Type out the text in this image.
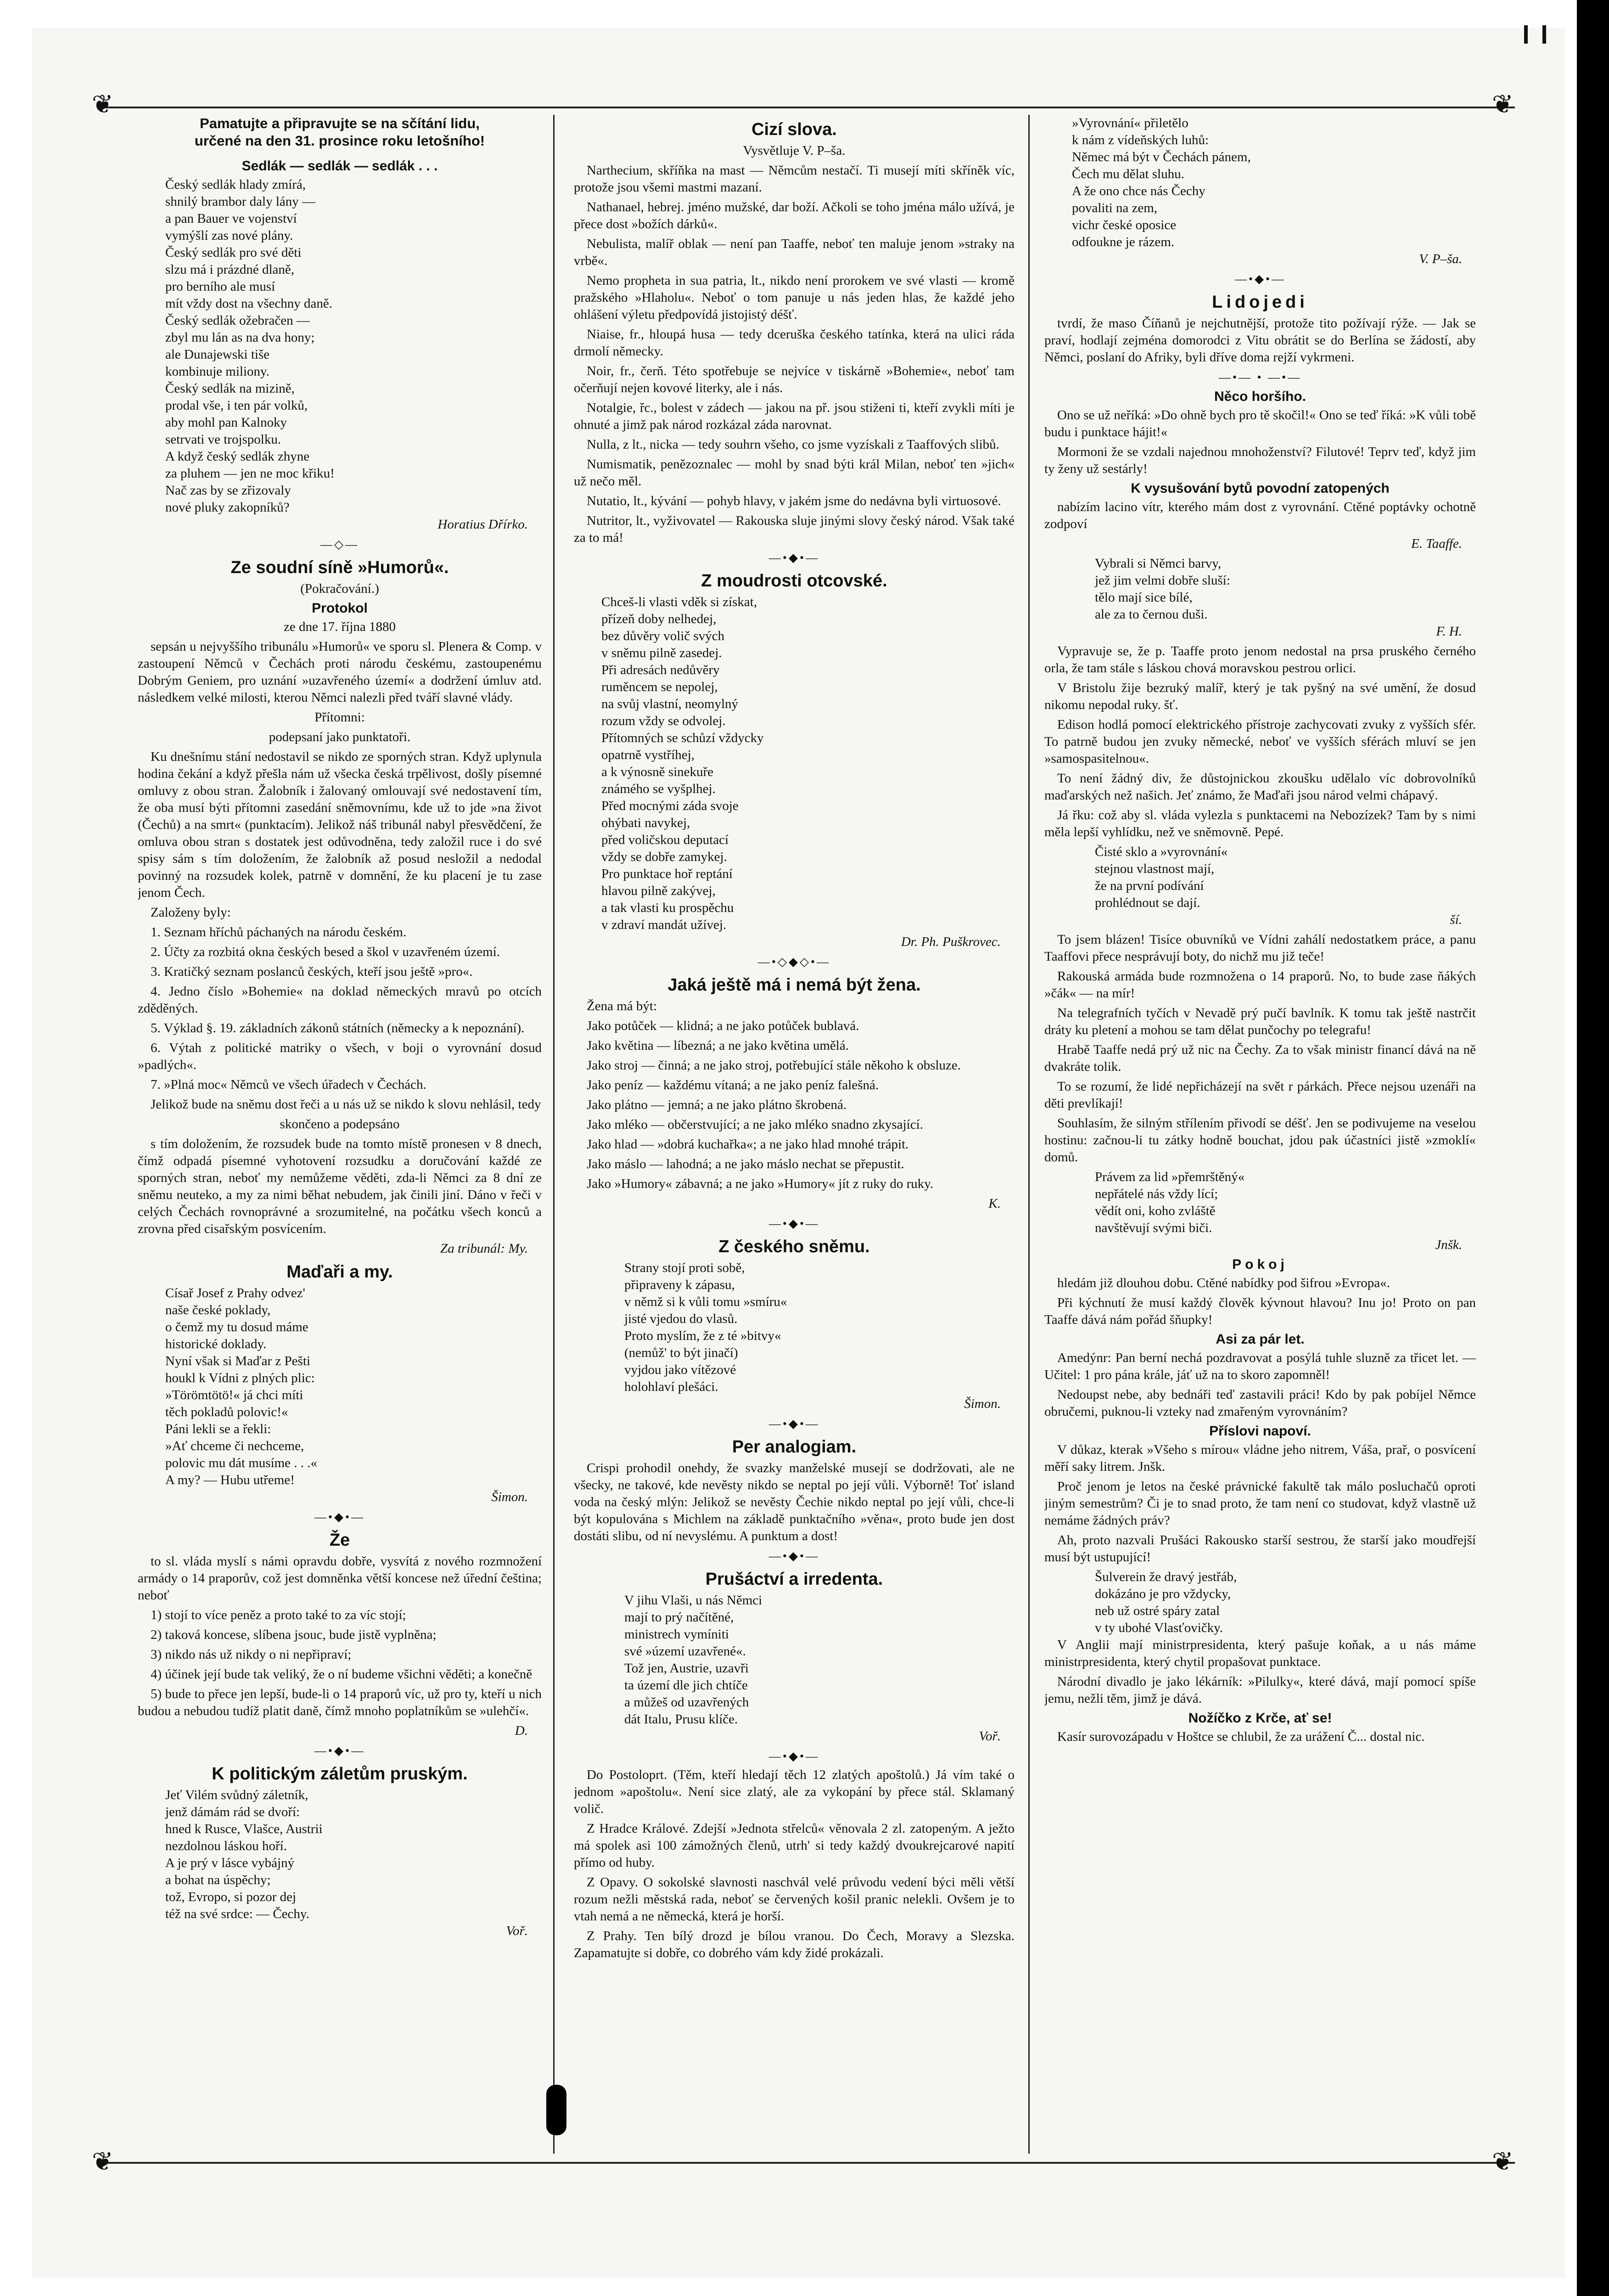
❦	❦
❦	❦

Pamatujte a připravujte se na sčítání lidu,
určené na den 31. prosince roku letošního!

Sedlák — sedlák — sedlák . . .

Český sedlák hlady zmírá,

shnilý brambor daly lány —

a pan Bauer ve vojenství

vymýšlí zas nové plány.

Český sedlák pro své děti

slzu má i prázdné dlaně,

pro berního ale musí

mít vždy dost na všechny daně.

Český sedlák ožebračen —

zbyl mu lán as na dva hony;

ale Dunajewski tiše

kombinuje miliony.

Český sedlák na mizině,

prodal vše, i ten pár volků,

aby mohl pan Kalnoky

setrvati ve trojspolku.

A když český sedlák zhyne

za pluhem — jen ne moc křiku!

Nač zas by se zřizovaly

nové pluky zakopníků?

Horatius Dřírko.

—◇—

Ze soudní síně »Humorů«.

(Pokračování.)

Protokol

ze dne 17. října 1880

sepsán u nejvyššího tribunálu »Humorů« ve sporu sl. Plenera & Comp. v zastoupení Němců v Čechách proti národu českému, zastoupenému Dobrým Geniem, pro uznání »uzavřeného území« a dodržení úmluv atd. následkem velké milosti, kterou Němci nalezli před tváří slavné vlády.

Přítomni:

podepsaní jako punktatoři.

Ku dnešnímu stání nedostavil se nikdo ze sporných stran. Když uplynula hodina čekání a když přešla nám už všecka česká trpělivost, došly písemné omluvy z obou stran. Žalobník i žalovaný omlouvají své nedostavení tím, že oba musí býti přítomni zasedání sněmovnímu, kde už to jde »na život (Čechů) a na smrt« (punktacím). Jelikož náš tribunál nabyl přesvědčení, že omluva obou stran s dostatek jest odůvodněna, tedy založil ruce i do své spisy sám s tím doložením, že žalobník až posud nesložil a nedodal povinný na rozsudek kolek, patrně v domnění, že ku placení je tu zase jenom Čech.

Založeny byly:

1. Seznam hříchů páchaných na národu českém.

2. Účty za rozbitá okna českých besed a škol v uzavřeném území.

3. Kratičký seznam poslanců českých, kteří jsou ještě »pro«.

4. Jedno číslo »Bohemie« na doklad německých mravů po otcích zděděných.

5. Výklad §. 19. základních zákonů státních (německy a k nepoznání).

6. Výtah z politické matriky o všech, v boji o vyrovnání dosud »padlých«.

7. »Plná moc« Němců ve všech úřadech v Čechách.

Jelikož bude na sněmu dost řeči a u nás už se nikdo k slovu nehlásil, tedy

skončeno a podepsáno

s tím doložením, že rozsudek bude na tomto místě pronesen v 8 dnech, čímž odpadá písemné vyhotovení rozsudku a doručování každé ze sporných stran, neboť my nemůžeme věděti, zda-li Němci za 8 dní ze sněmu neuteko, a my za nimi běhat nebudem, jak činili jiní. Dáno v řeči v celých Čechách rovnoprávné a srozumitelné, na počátku všech konců a zrovna před cisařským posvícením.

Za tribunál: My.

Maďaři a my.

Císař Josef z Prahy odvez'

naše české poklady,

o čemž my tu dosud máme

historické doklady.

Nyní však si Maďar z Pešti

houkl k Vídni z plných plic:

»Törömtötö!« já chci míti

těch pokladů polovic!«

Páni lekli se a řekli:

»Ať chceme či nechceme,

polovic mu dát musíme . . .«

A my? — Hubu utřeme!

Šimon.

—•◆•—

Že

to sl. vláda myslí s námi opravdu dobře, vysvítá z nového rozmnožení armády o 14 praporův, což jest domněnka větší koncese než úřední čeština; neboť

1) stojí to více peněz a proto také to za víc stojí;

2) taková koncese, slíbena jsouc, bude jistě vyplněna;

3) nikdo nás už nikdy o ni nepřipraví;

4) účinek její bude tak veliký, že o ní budeme všichni věděti; a konečně

5) bude to přece jen lepší, bude-li o 14 praporů víc, už pro ty, kteří u nich budou a nebudou tudíž platit daně, čímž mnoho poplatníkům se »ulehčí«.

D.

—•◆•—

K politickým záletům pruským.

Jeť Vilém svůdný záletník,

jenž dámám rád se dvoří:

hned k Rusce, Vlašce, Austrii

nezdolnou láskou hoří.

A je prý v lásce vybájný

a bohat na úspěchy;

tož, Evropo, si pozor dej

též na své srdce: — Čechy.

Voř.

Cizí slova.

Vysvětluje V. P–ša.

Narthecium, skříňka na mast — Němcům nestačí. Ti musejí míti skříněk víc, protože jsou všemi mastmi mazaní.

Nathanael, hebrej. jméno mužské, dar boží. Ačkoli se toho jména málo užívá, je přece dost »božích dárků«.

Nebulista, malíř oblak — není pan Taaffe, neboť ten maluje jenom »straky na vrbě«.

Nemo propheta in sua patria, lt., nikdo není prorokem ve své vlasti — kromě pražského »Hlaholu«. Neboť o tom panuje u nás jeden hlas, že každé jeho ohlášení výletu předpovídá jistojistý déšť.

Niaise, fr., hloupá husa — tedy dceruška českého tatínka, která na ulici ráda drmolí německy.

Noir, fr., čerň. Této spotřebuje se nejvíce v tiskárně »Bohemie«, neboť tam očerňují nejen kovové literky, ale i nás.

Notalgie, řc., bolest v zádech — jakou na př. jsou stiženi ti, kteří zvykli míti je ohnuté a jimž pak národ rozkázal záda narovnat.

Nulla, z lt., nicka — tedy souhrn všeho, co jsme vyzískali z Taaffových slibů.

Numismatik, penězoznalec — mohl by snad býti král Milan, neboť ten »jich« už nečo měl.

Nutatio, lt., kývání — pohyb hlavy, v jakém jsme do nedávna byli virtuosové.

Nutritor, lt., vyživovatel — Rakouska sluje jinými slovy český národ. Však také za to má!

—•◆•—

Z moudrosti otcovské.

Chceš-li vlasti vděk si získat,

přízeň doby nelhedej,

bez důvěry volič svých

v sněmu pilně zasedej.

Při adresách nedůvěry

ruměncem se nepolej,

na svůj vlastní, neomylný

rozum vždy se odvolej.

Přítomných se schůzí vždycky

opatrně vystříhej,

a k výnosně sinekuře

známého se vyšplhej.

Před mocnými záda svoje

ohýbati navykej,

před voličskou deputací

vždy se dobře zamykej.

Pro punktace hoř reptání

hlavou pilně zakývej,

a tak vlasti ku prospěchu

v zdraví mandát užívej.

Dr. Ph. Puškrovec.

—•◇◆◇•—

Jaká ještě má i nemá být žena.

Žena má být:

Jako potůček — klidná; a ne jako potůček bublavá.

Jako květina — líbezná; a ne jako květina umělá.

Jako stroj — činná; a ne jako stroj, potřebující stále někoho k obsluze.

Jako peníz — každému vítaná; a ne jako peníz falešná.

Jako plátno — jemná; a ne jako plátno škrobená.

Jako mléko — občerstvující; a ne jako mléko snadno zkysající.

Jako hlad — »dobrá kuchařka«; a ne jako hlad mnohé trápit.

Jako máslo — lahodná; a ne jako máslo nechat se přepustit.

Jako »Humory« zábavná; a ne jako »Humory« jít z ruky do ruky.

K.

—•◆•—

Z českého sněmu.

Strany stojí proti sobě,

připraveny k zápasu,

v němž si k vůli tomu »smíru«

jisté vjedou do vlasů.

Proto myslím, že z té »bitvy«

(nemůž' to být jinačí)

vyjdou jako vítězové

holohlaví plešáci.

Šimon.

—•◆•—

Per analogiam.

Crispi prohodil onehdy, že svazky manželské musejí se dodržovati, ale ne všecky, ne takové, kde nevěsty nikdo se neptal po její vůli. Výborně! Toť island voda na český mlýn: Jelikož se nevěsty Čechie nikdo neptal po její vůli, chce-li být kopulována s Michlem na základě punktačního »věna«, proto bude jen dost dostáti slibu, od ní nevyslému. A punktum a dost!

—•◆•—

Prušáctví a irredenta.

V jihu Vlaši, u nás Němci

mají to prý načítěné,

ministrech vymíniti

své »území uzavřené«.

Tož jen, Austrie, uzavři

ta území dle jich chtíče

a můžeš od uzavřených

dát Italu, Prusu klíče.

Voř.

—•◆•—

Do Postoloprt. (Těm, kteří hledají těch 12 zlatých apoštolů.) Já vím také o jednom »apoštolu«. Není sice zlatý, ale za vykopání by přece stál. Sklamaný volič.

Z Hradce Králové. Zdejší »Jednota střelců« věnovala 2 zl. zatopeným. A ježto má spolek asi 100 zámožných členů, utrh' si tedy každý dvoukrejcarové napití přímo od huby.

Z Opavy. O sokolské slavnosti naschvál velé průvodu vedení býci měli větší rozum nežli městská rada, neboť se červených košil pranic nelekli. Ovšem je to vtah nemá a ne německá, která je horší.

Z Prahy. Ten bílý drozd je bílou vranou. Do Čech, Moravy a Slezska. Zapamatujte si dobře, co dobrého vám kdy židé prokázali.

»Vyrovnání« přiletělo

k nám z vídeňských luhů:

Němec má být v Čechách pánem,

Čech mu dělat sluhu.

A že ono chce nás Čechy

povaliti na zem,

vichr české oposice

odfoukne je rázem.

V. P–ša.

—•◆•—

Lidojedi

tvrdí, že maso Číňanů je nejchutnější, protože tito požívají rýže. — Jak se praví, hodlají zejména domorodci z Vitu obrátit se do Berlína se žádostí, aby Němci, poslaní do Afriky, byli dříve doma rejží vykrmeni.

—•— • —•—

Něco horšího.

Ono se už neříká: »Do ohně bych pro tě skočil!« Ono se teď říká: »K vůli tobě budu i punktace hájit!«

Mormoni že se vzdali najednou mnohoženství? Filutové! Teprv teď, když jim ty ženy už sestárly!

K vysušování bytů povodní zatopených

nabízím lacino vítr, kterého mám dost z vyrovnání. Ctěné poptávky ochotně zodpoví

E. Taaffe.

Vybrali si Němci barvy,

jež jim velmi dobře sluší:

tělo mají sice bílé,

ale za to černou duši.

F. H.

Vypravuje se, že p. Taaffe proto jenom nedostal na prsa pruského černého orla, že tam stále s láskou chová moravskou pestrou orlici.

V Bristolu žije bezruký malíř, který je tak pyšný na své umění, že dosud nikomu nepodal ruky. šť.

Edison hodlá pomocí elektrického přístroje zachycovati zvuky z vyšších sfér. To patrně budou jen zvuky německé, neboť ve vyšších sférách mluví se jen »samospasitelnou«.

To není žádný div, že důstojnickou zkoušku udělalo víc dobrovolníků maďarských než našich. Jeť známo, že Maďaři jsou národ velmi chápavý.

Já řku: což aby sl. vláda vylezla s punktacemi na Nebozízek? Tam by s nimi měla lepší vyhlídku, než ve sněmovně. Pepé.

Čisté sklo a »vyrovnání«

stejnou vlastnost mají,

že na první podívání

prohlédnout se dají.

ší.

To jsem blázen! Tisíce obuvníků ve Vídni zahálí nedostatkem práce, a panu Taaffovi přece nesprávují boty, do nichž mu již teče!

Rakouská armáda bude rozmnožena o 14 praporů. No, to bude zase ňákých »čák« — na mír!

Na telegrafních tyčích v Nevadě prý pučí bavlník. K tomu tak ještě nastrčit dráty ku pletení a mohou se tam dělat punčochy po telegrafu!

Hrabě Taaffe nedá prý už nic na Čechy. Za to však ministr financí dává na ně dvakráte tolik.

To se rozumí, že lidé nepřicházejí na svět r párkách. Přece nejsou uzenáři na děti prevlíkají!

Souhlasím, že silným střílením přivodí se déšť. Jen se podivujeme na veselou hostinu: začnou-li tu zátky hodně bouchat, jdou pak účastníci jistě »zmoklí« domů.

Právem za lid »přemrštěný«

nepřátelé nás vždy lící;

vědít oni, koho zvláště

navštěvují svými biči.

Jnšk.

Pokoj

hledám již dlouhou dobu. Ctěné nabídky pod šifrou »Evropa«.

Při kýchnutí že musí každý člověk kývnout hlavou? Inu jo! Proto on pan Taaffe dává nám pořád šňupky!

Asi za pár let.

Amedýnr: Pan berní nechá pozdravovat a posýlá tuhle sluzně za třicet let. — Učitel: 1 pro pána krále, jáť už na to skoro zapomněl!

Nedoupst nebe, aby bednáři teď zastavili práci! Kdo by pak pobíjel Němce obručemi, puknou-li vzteky nad zmařeným vyrovnáním?

Příslovi napoví.

V důkaz, kterak »Všeho s mírou« vládne jeho nitrem, Váša, prař, o posvícení měří saky litrem. Jnšk.

Proč jenom je letos na české právnické fakultě tak málo posluchačů oproti jiným semestrům? Či je to snad proto, že tam není co studovat, když vlastně už nemáme žádných práv?

Ah, proto nazvali Prušáci Rakousko starší sestrou, že starší jako moudřejší musí být ustupující!

Šulverein že dravý jestřáb,

dokázáno je pro vždycky,

neb už ostré spáry zatal

v ty ubohé Vlasťovičky.

V Anglii mají ministrpresidenta, který pašuje koňak, a u nás máme ministrpresidenta, který chytil propašovat punktace.

Národní divadlo je jako lékárník: »Pilulky«, které dává, mají pomocí spíše jemu, nežli těm, jimž je dává.

Nožíčko z Krče, ať se!

Kasír surovozápadu v Hoštce se chlubil, že za urážení Č... dostal nic.
